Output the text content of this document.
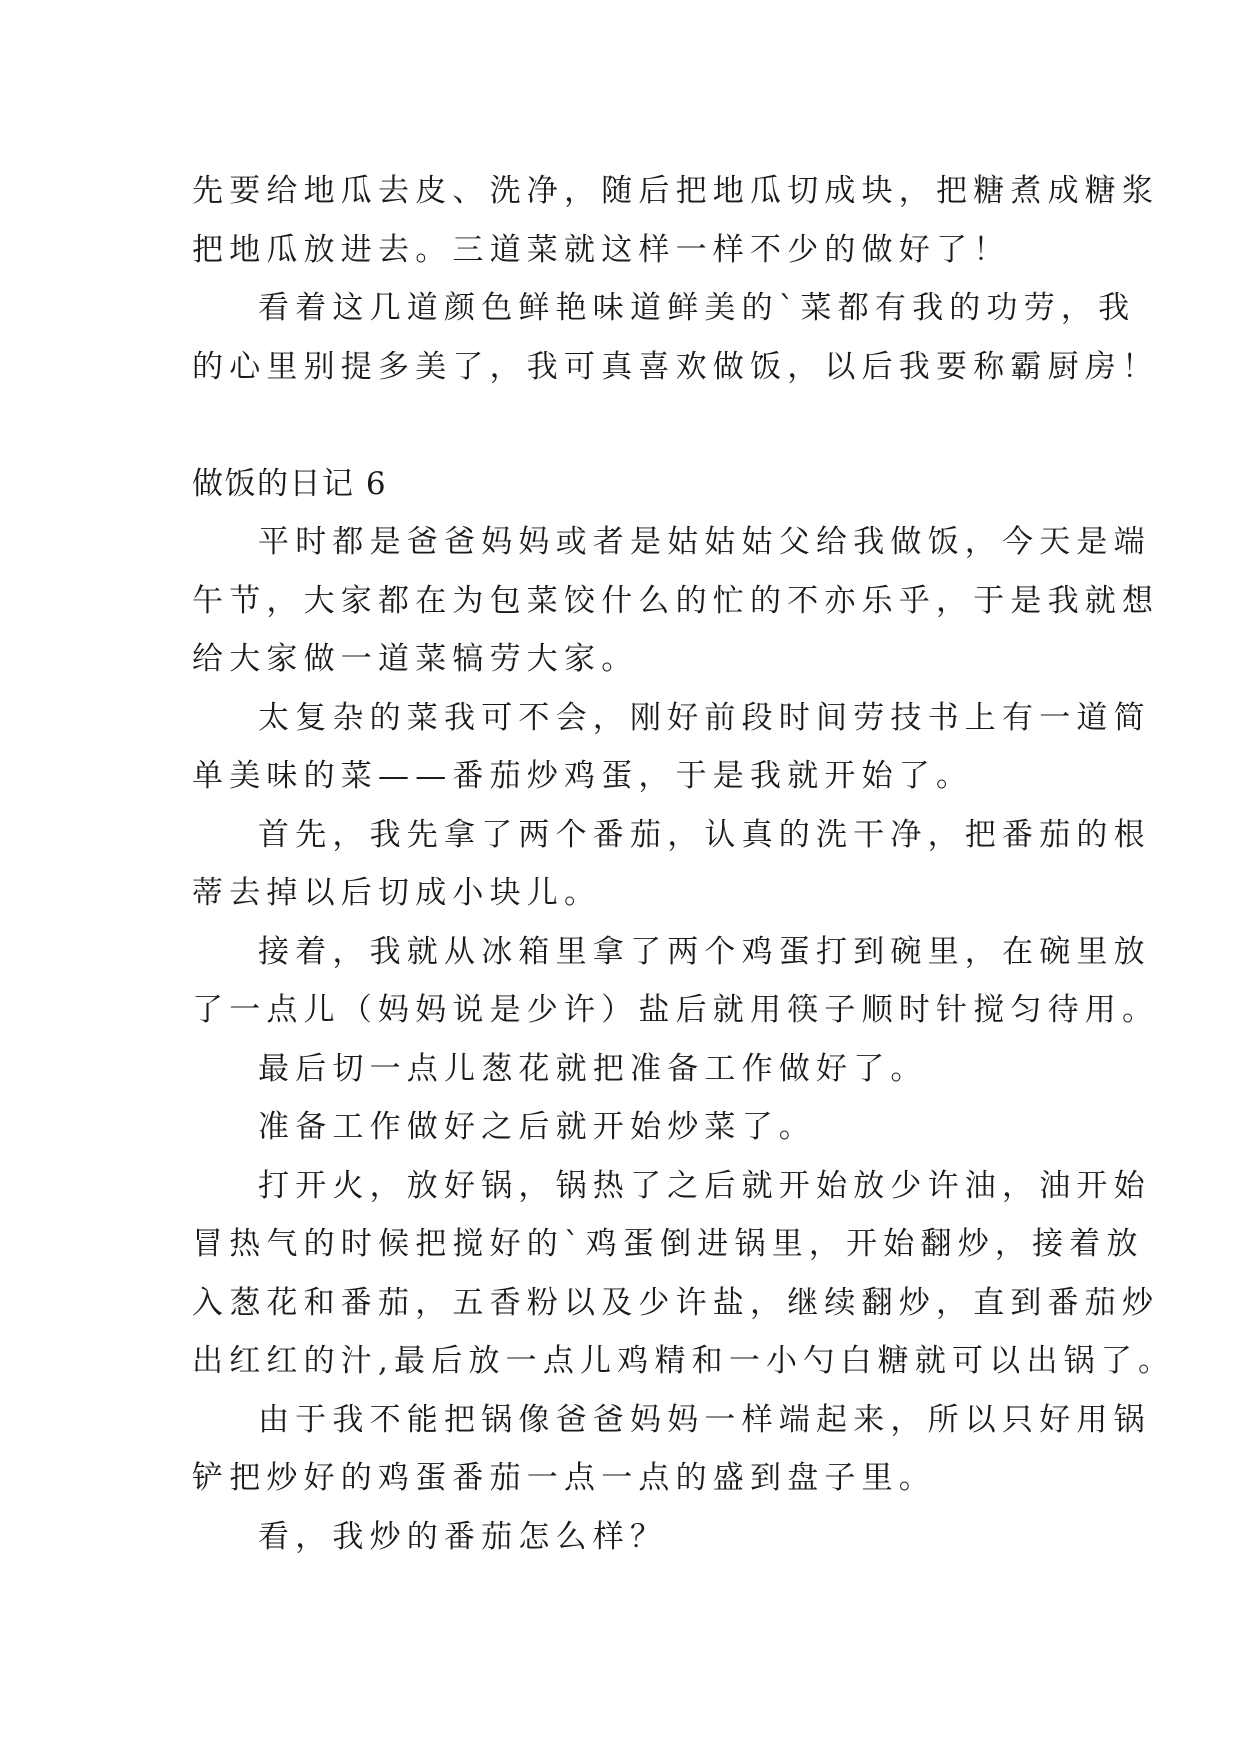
先要给地瓜去皮、洗净，随后把地瓜切成块，把糖煮成糖浆
把地瓜放进去。三道菜就这样一样不少的做好了！
看着这几道颜色鲜艳味道鲜美的`菜都有我的功劳，我
的心里别提多美了，我可真喜欢做饭，以后我要称霸厨房！
做饭的日记 6
平时都是爸爸妈妈或者是姑姑姑父给我做饭，今天是端
午节，大家都在为包菜饺什么的忙的不亦乐乎，于是我就想
给大家做一道菜犒劳大家。
太复杂的菜我可不会，刚好前段时间劳技书上有一道简
单美味的菜——番茄炒鸡蛋，于是我就开始了。
首先，我先拿了两个番茄，认真的洗干净，把番茄的根
蒂去掉以后切成小块儿。
接着，我就从冰箱里拿了两个鸡蛋打到碗里，在碗里放
了一点儿（妈妈说是少许）盐后就用筷子顺时针搅匀待用。
最后切一点儿葱花就把准备工作做好了。
准备工作做好之后就开始炒菜了。
打开火，放好锅，锅热了之后就开始放少许油，油开始
冒热气的时候把搅好的`鸡蛋倒进锅里，开始翻炒，接着放
入葱花和番茄，五香粉以及少许盐，继续翻炒，直到番茄炒
出红红的汁,最后放一点儿鸡精和一小勺白糖就可以出锅了。
由于我不能把锅像爸爸妈妈一样端起来，所以只好用锅
铲把炒好的鸡蛋番茄一点一点的盛到盘子里。
看，我炒的番茄怎么样？
